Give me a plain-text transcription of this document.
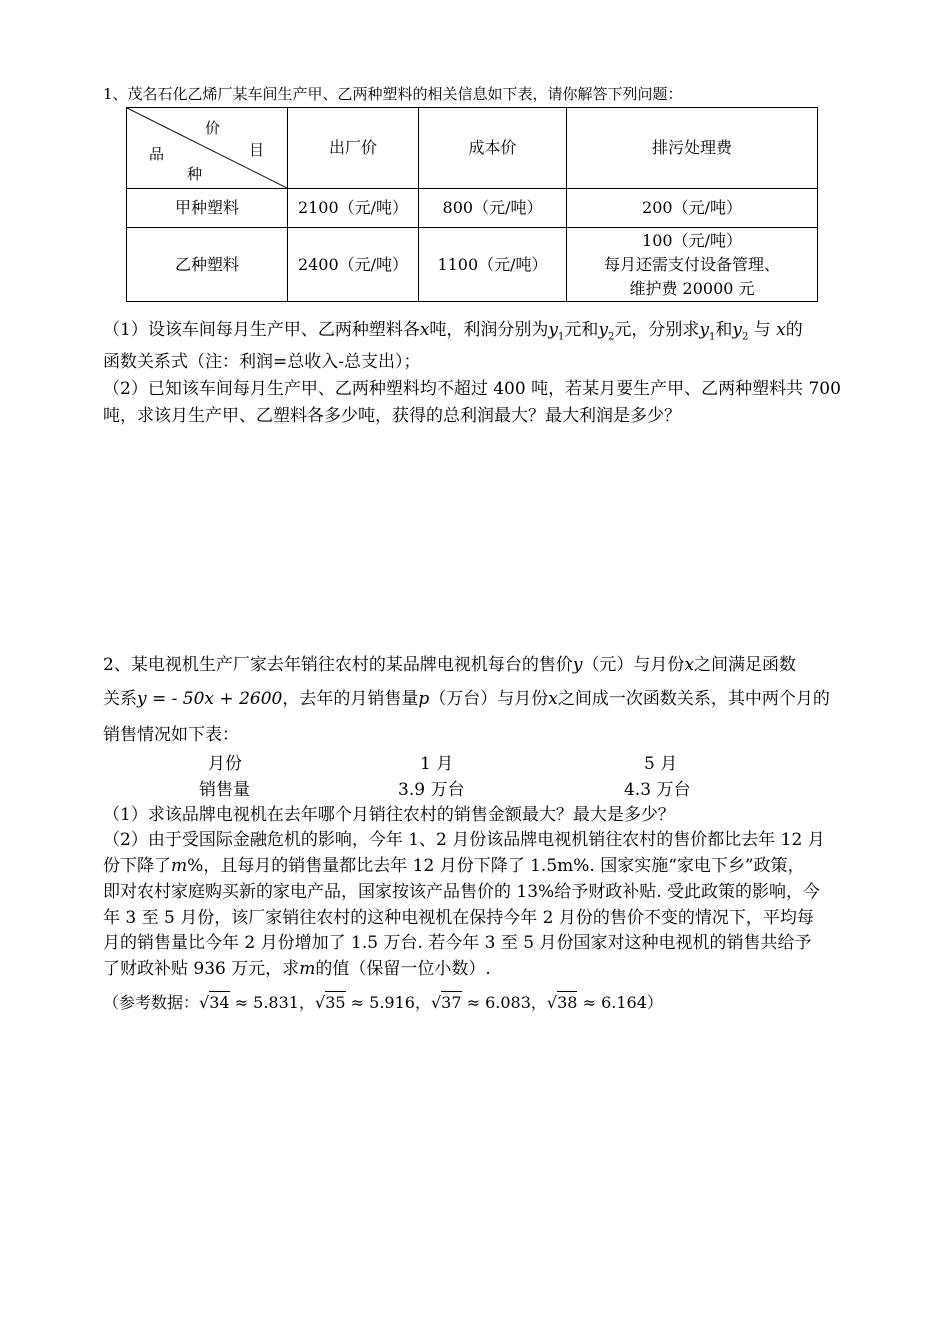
1、茂名石化乙烯厂某车间生产甲、乙两种塑料的相关信息如下表，请你解答下列问题：
价
目
品
种	出厂价	成本价	排污处理费
甲种塑料	2100（元/吨）	800（元/吨）	200（元/吨）
乙种塑料	2400（元/吨）	1100（元/吨）	100（元/吨）
每月还需支付设备管理、
维护费 20000 元
（1）设该车间每月生产甲、乙两种塑料各x吨，利润分别为$y_1$元和$y_2$元，分别求$y_1$和$y_2$ 与 x的
函数关系式（注：利润=总收入-总支出）；
（2）已知该车间每月生产甲、乙两种塑料均不超过 400 吨，若某月要生产甲、乙两种塑料共 700
吨，求该月生产甲、乙塑料各多少吨，获得的总利润最大？最大利润是多少？
2、某电视机生产厂家去年销往农村的某品牌电视机每台的售价y（元）与月份x之间满足函数
关系y = - 50x + 2600，去年的月销售量p（万台）与月份x之间成一次函数关系，其中两个月的
销售情况如下表：
月份	1 月	5 月
销售量	3.9 万台	4.3 万台
（1）求该品牌电视机在去年哪个月销往农村的销售金额最大？最大是多少？
（2）由于受国际金融危机的影响，今年 1、2 月份该品牌电视机销往农村的售价都比去年 12 月
份下降了m%，且每月的销售量都比去年 12 月份下降了 1.5m%. 国家实施“家电下乡”政策，
即对农村家庭购买新的家电产品，国家按该产品售价的 13%给予财政补贴. 受此政策的影响，今
年 3 至 5 月份，该厂家销往农村的这种电视机在保持今年 2 月份的售价不变的情况下，平均每
月的销售量比今年 2 月份增加了 1.5 万台. 若今年 3 至 5 月份国家对这种电视机的销售共给予
了财政补贴 936 万元，求m的值（保留一位小数）.
（参考数据：√34 ≈ 5.831，√35 ≈ 5.916，√37 ≈ 6.083，√38 ≈ 6.164）
